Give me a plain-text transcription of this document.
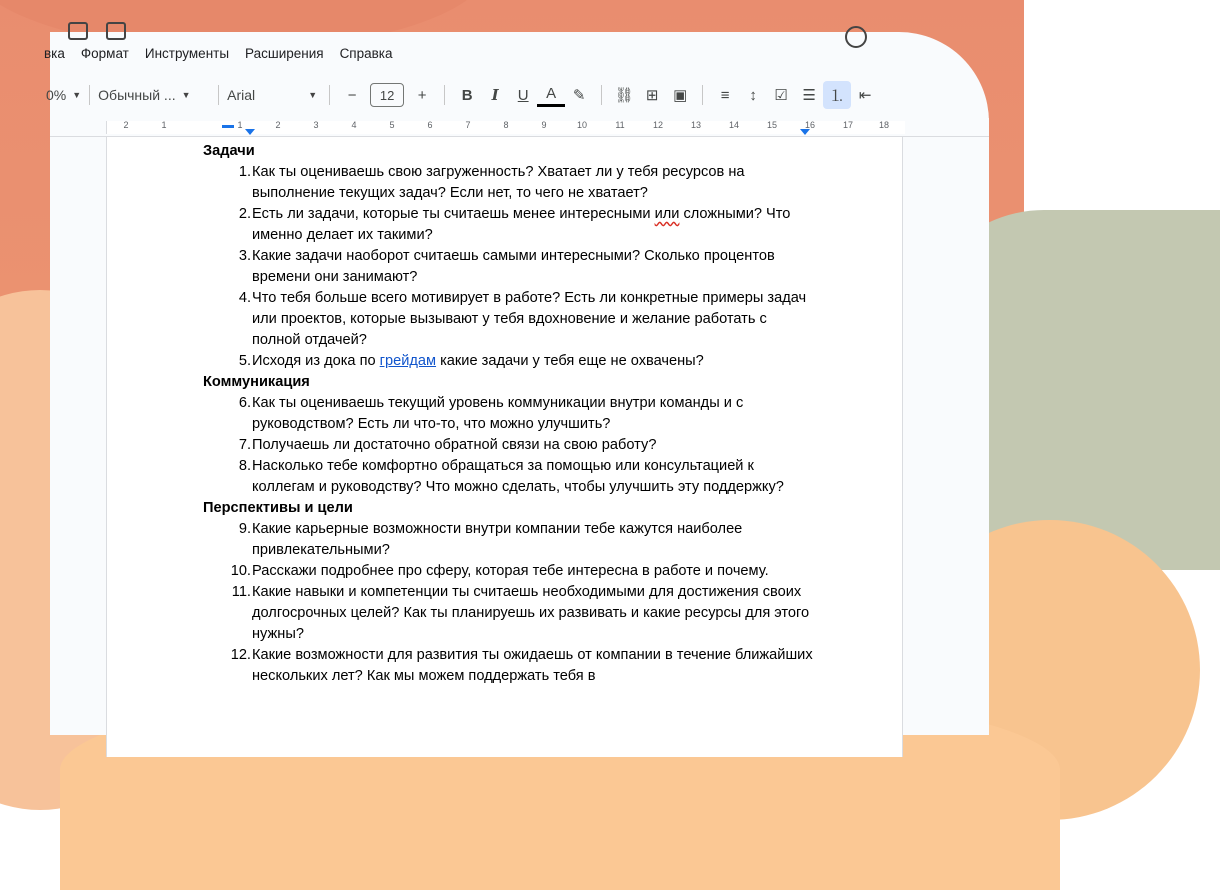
вка Формат Инструменты Расширения Справка
0% ▼ Обычный ... ▼	Arial	▼	−	12	+	B	I	U	A	✎	⛓ ⊞ ▣	≡	↕	☑ ☰ ⒈ ⇤
2	1	1	2	3	4	5	6	7	8	9	10	11	12	13	14	15	16	17	18
Задачи
1. Как ты оцениваешь свою загруженность? Хватает ли у тебя ресурсов на выполнение текущих задач? Если нет, то чего не хватает?
2. Есть ли задачи, которые ты считаешь менее интересными или сложными? Что именно делает их такими?
3. Какие задачи наоборот считаешь самыми интересными? Сколько процентов времени они занимают?
4. Что тебя больше всего мотивирует в работе? Есть ли конкретные примеры задач или проектов, которые вызывают у тебя вдохновение и желание работать с полной отдачей?
5. Исходя из дока по грейдам какие задачи у тебя еще не охвачены?
Коммуникация
6. Как ты оцениваешь текущий уровень коммуникации внутри команды и с руководством? Есть ли что-то, что можно улучшить?
7. Получаешь ли достаточно обратной связи на свою работу?
8. Насколько тебе комфортно обращаться за помощью или консультацией к коллегам и руководству? Что можно сделать, чтобы улучшить эту поддержку?
Перспективы и цели
9. Какие карьерные возможности внутри компании тебе кажутся наиболее привлекательными?
10. Расскажи подробнее про сферу, которая тебе интересна в работе и почему.
11. Какие навыки и компетенции ты считаешь необходимыми для достижения своих долгосрочных целей? Как ты планируешь их развивать и какие ресурсы для этого нужны?
12. Какие возможности для развития ты ожидаешь от компании в течение ближайших нескольких лет? Как мы можем поддержать тебя в
